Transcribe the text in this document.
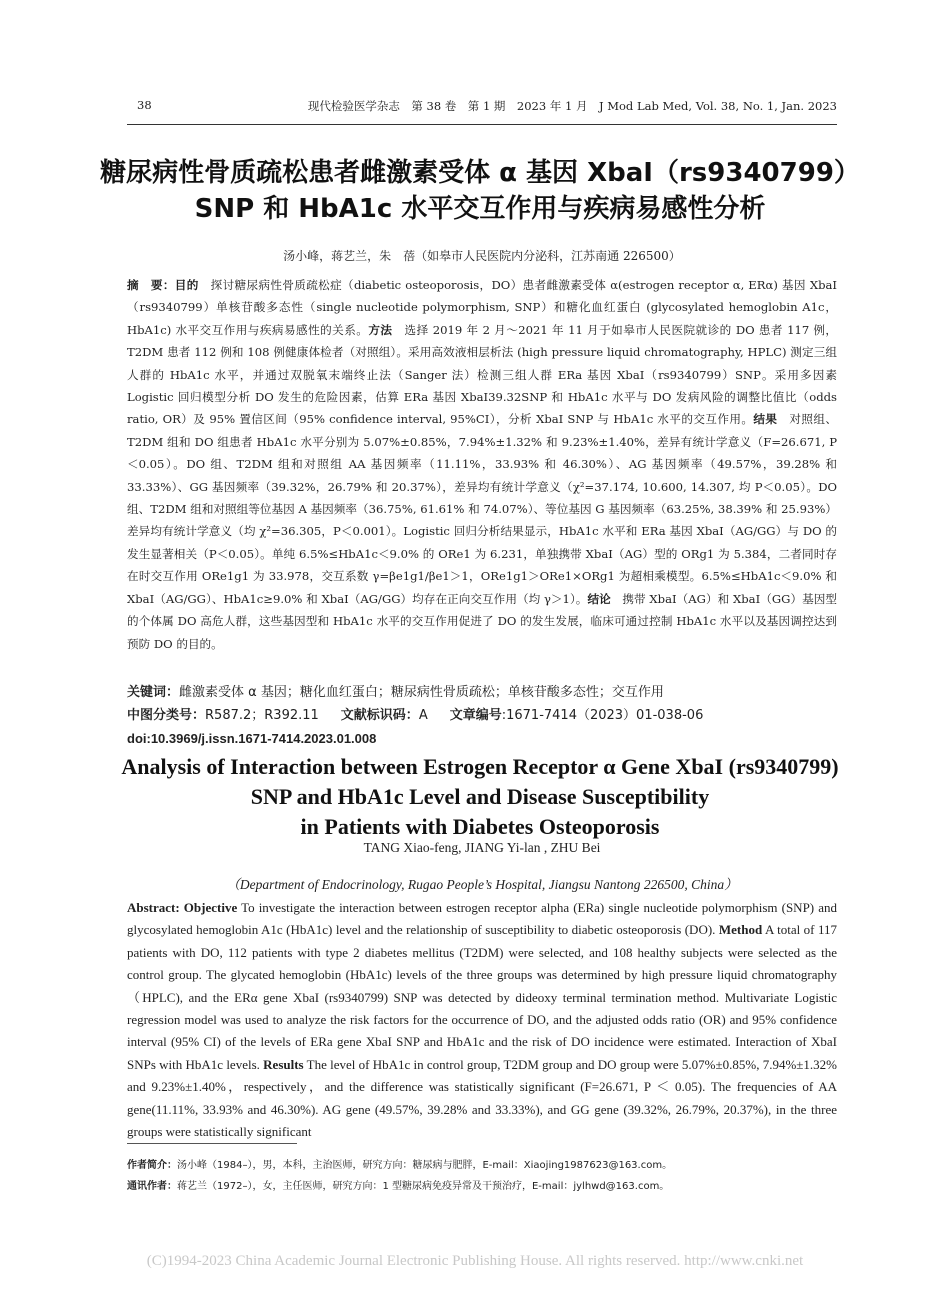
38	现代检验医学杂志　第 38 卷　第 1 期　2023 年 1 月　J Mod Lab Med, Vol. 38, No. 1, Jan. 2023
糖尿病性骨质疏松患者雌激素受体 α 基因 XbaI（rs9340799）
SNP 和 HbA1c 水平交互作用与疾病易感性分析
汤小峰，蒋艺兰，朱　蓓（如皋市人民医院内分泌科，江苏南通 226500）

摘　要：目的　探讨糖尿病性骨质疏松症（diabetic osteoporosis，DO）患者雌激素受体 α(estrogen receptor α, ERα) 基因 XbaI（rs9340799）单核苷酸多态性（single nucleotide polymorphism, SNP）和糖化血红蛋白 (glycosylated hemoglobin A1c，HbA1c) 水平交互作用与疾病易感性的关系。方法　选择 2019 年 2 月～2021 年 11 月于如皋市人民医院就诊的 DO 患者 117 例，T2DM 患者 112 例和 108 例健康体检者（对照组）。采用高效液相层析法 (high pressure liquid chromatography, HPLC) 测定三组人群的 HbA1c 水平，并通过双脱氧末端终止法（Sanger 法）检测三组人群 ERa 基因 XbaI（rs9340799）SNP。采用多因素 Logistic 回归模型分析 DO 发生的危险因素，估算 ERa 基因 XbaI39.32SNP 和 HbA1c 水平与 DO 发病风险的调整比值比（odds ratio, OR）及 95% 置信区间（95% confidence interval, 95%CI），分析 XbaI SNP 与 HbA1c 水平的交互作用。结果　对照组、T2DM 组和 DO 组患者 HbA1c 水平分别为 5.07%±0.85%，7.94%±1.32% 和 9.23%±1.40%，差异有统计学意义（F=26.671, P＜0.05）。DO 组、T2DM 组和对照组 AA 基因频率（11.11%，33.93% 和 46.30%）、AG 基因频率（49.57%，39.28% 和 33.33%）、GG 基因频率（39.32%，26.79% 和 20.37%），差异均有统计学意义（χ²=37.174, 10.600, 14.307, 均 P＜0.05）。DO 组、T2DM 组和对照组等位基因 A 基因频率（36.75%, 61.61% 和 74.07%）、等位基因 G 基因频率（63.25%, 38.39% 和 25.93%）差异均有统计学意义（均 χ²=36.305，P＜0.001）。Logistic 回归分析结果显示，HbA1c 水平和 ERa 基因 XbaI（AG/GG）与 DO 的发生显著相关（P＜0.05）。单纯 6.5%≤HbA1c＜9.0% 的 ORe1 为 6.231，单独携带 XbaI（AG）型的 ORg1 为 5.384，二者同时存在时交互作用 ORe1g1 为 33.978，交互系数 γ=βe1g1/βe1＞1，ORe1g1＞ORe1×ORg1 为超相乘模型。6.5%≤HbA1c＜9.0% 和 XbaI（AG/GG）、HbA1c≥9.0% 和 XbaI（AG/GG）均存在正向交互作用（均 γ＞1）。结论　携带 XbaI（AG）和 XbaI（GG）基因型的个体属 DO 高危人群，这些基因型和 HbA1c 水平的交互作用促进了 DO 的发生发展，临床可通过控制 HbA1c 水平以及基因调控达到预防 DO 的目的。

关键词：雌激素受体 α 基因；糖化血红蛋白；糖尿病性骨质疏松；单核苷酸多态性；交互作用
中图分类号：R587.2；R392.11 文献标识码：A 文章编号:1671-7414（2023）01-038-06
doi:10.3969/j.issn.1671-7414.2023.01.008
Analysis of Interaction between Estrogen Receptor α Gene XbaI (rs9340799)
SNP and HbA1c Level and Disease Susceptibility
in Patients with Diabetes Osteoporosis
TANG Xiao-feng, JIANG Yi-lan , ZHU Bei
（Department of Endocrinology, Rugao People’s Hospital, Jiangsu Nantong 226500, China）

Abstract: Objective To investigate the interaction between estrogen receptor alpha (ERa) single nucleotide polymorphism (SNP) and glycosylated hemoglobin A1c (HbA1c) level and the relationship of susceptibility to diabetic osteoporosis (DO). Method A total of 117 patients with DO, 112 patients with type 2 diabetes mellitus (T2DM) were selected, and 108 healthy subjects were selected as the control group. The glycated hemoglobin (HbA1c) levels of the three groups was determined by high pressure liquid chromatography （HPLC), and the ERα gene XbaI (rs9340799) SNP was detected by dideoxy terminal termination method. Multivariate Logistic regression model was used to analyze the risk factors for the occurrence of DO, and the adjusted odds ratio (OR) and 95% confidence interval (95% CI) of the levels of ERa gene XbaI SNP and HbA1c and the risk of DO incidence were estimated. Interaction of XbaI SNPs with HbA1c levels. Results The level of HbA1c in control group, T2DM group and DO group were 5.07%±0.85%, 7.94%±1.32% and 9.23%±1.40%，respectively，and the difference was statistically significant (F=26.671, P ＜ 0.05). The frequencies of AA gene(11.11%, 33.93% and 46.30%). AG gene (49.57%, 39.28% and 33.33%), and GG gene (39.32%, 26.79%, 20.37%), in the three groups were statistically significant

作者简介：汤小峰（1984–），男，本科，主治医师，研究方向：糖尿病与肥胖，E-mail：Xiaojing1987623@163.com。
通讯作者：蒋艺兰（1972–），女，主任医师，研究方向：1 型糖尿病免疫异常及干预治疗，E-mail：jylhwd@163.com。
(C)1994-2023 China Academic Journal Electronic Publishing House. All rights reserved. http://www.cnki.net
